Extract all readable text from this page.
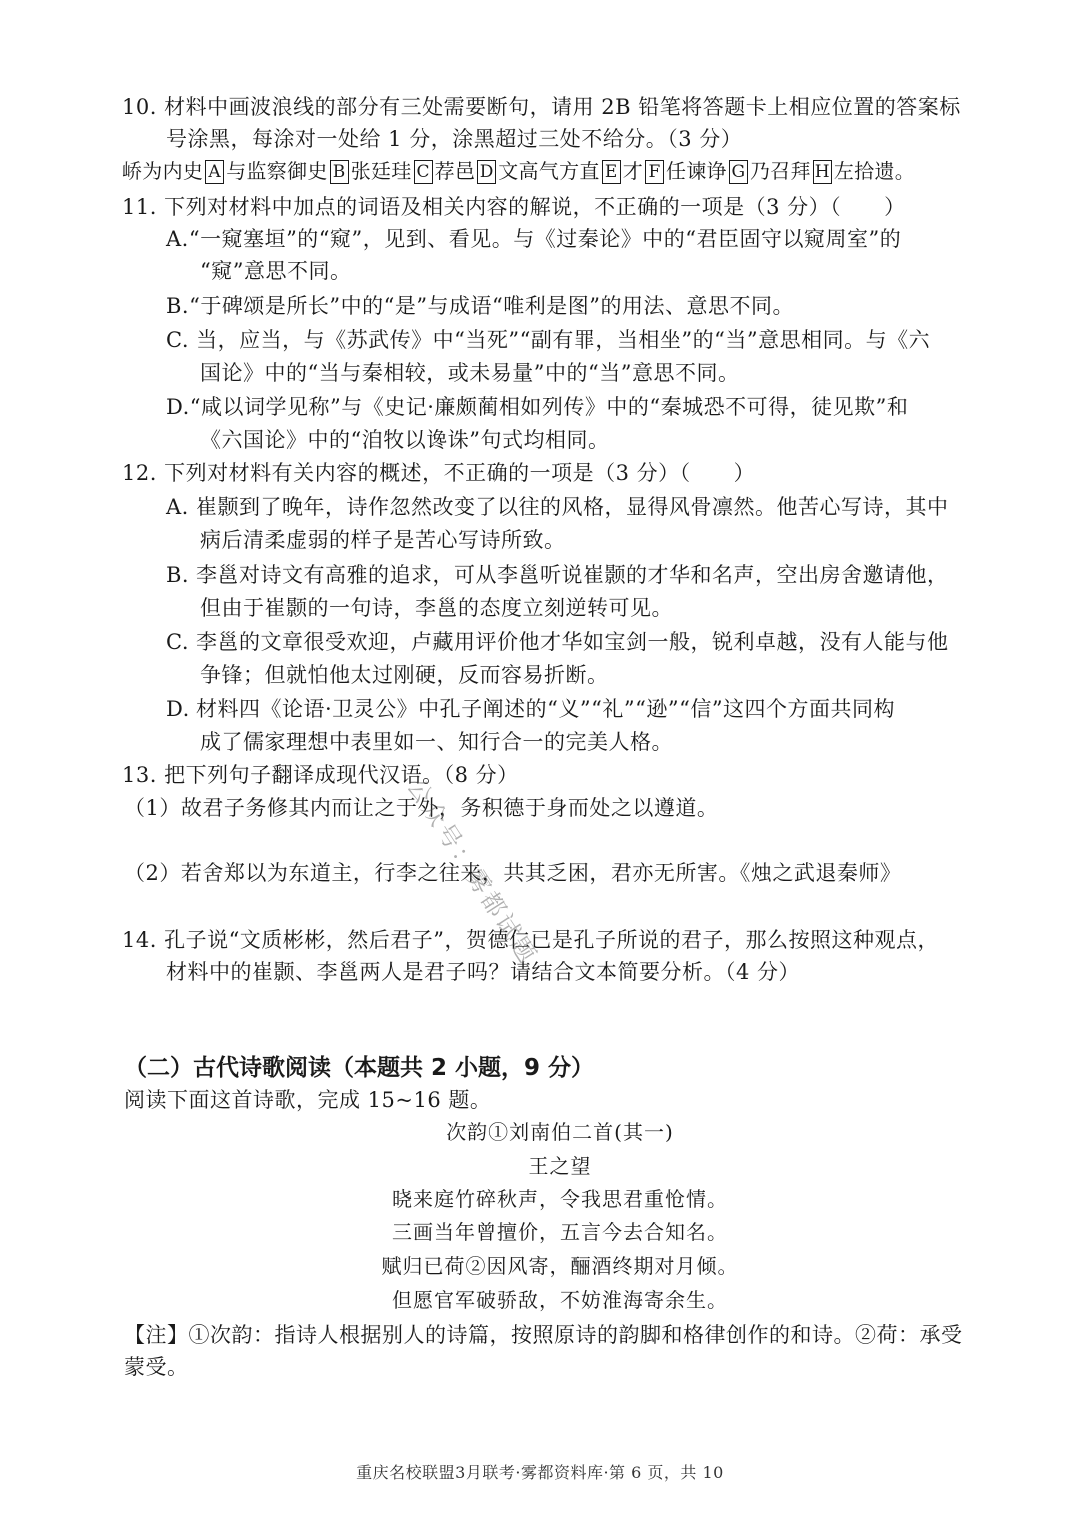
10. 材料中画波浪线的部分有三处需要断句，请用 2B 铅笔将答题卡上相应位置的答案标
号涂黑，每涂对一处给 1 分，涂黑超过三处不给分。（3 分）
峤为内史 A 与监察御史 B 张廷珪 C 荐邑 D 文高气方直 E 才 F 任谏诤 G 乃召拜 H 左拾遗。
11. 下列对材料中加点的词语及相关内容的解说，不正确的一项是（3 分）（　　）
A.“一窥塞垣”的“窥”，见到、看见。与《过秦论》中的“君臣固守以窥周室”的
“窥”意思不同。
B.“于碑颂是所长”中的“是”与成语“唯利是图”的用法、意思不同。
C. 当，应当，与《苏武传》中“当死”“副有罪，当相坐”的“当”意思相同。与《六
国论》中的“当与秦相较，或未易量”中的“当”意思不同。
D.“咸以词学见称”与《史记·廉颇蔺相如列传》中的“秦城恐不可得，徒见欺”和
《六国论》中的“洎牧以谗诛”句式均相同。
12. 下列对材料有关内容的概述，不正确的一项是（3 分）（　　）
A. 崔颢到了晚年，诗作忽然改变了以往的风格，显得风骨凛然。他苦心写诗，其中
病后清柔虚弱的样子是苦心写诗所致。
B. 李邕对诗文有高雅的追求，可从李邕听说崔颢的才华和名声，空出房舍邀请他，
但由于崔颢的一句诗，李邕的态度立刻逆转可见。
C. 李邕的文章很受欢迎，卢藏用评价他才华如宝剑一般，锐利卓越，没有人能与他
争锋；但就怕他太过刚硬，反而容易折断。
D. 材料四《论语·卫灵公》中孔子阐述的“义”“礼”“逊”“信”这四个方面共同构
成了儒家理想中表里如一、知行合一的完美人格。
13. 把下列句子翻译成现代汉语。（8 分）
（1）故君子务修其内而让之于外，务积德于身而处之以遵道。
（2）若舍郑以为东道主，行李之往来，共其乏困，君亦无所害。《烛之武退秦师》
14. 孔子说“文质彬彬，然后君子”，贺德仁已是孔子所说的君子，那么按照这种观点，
材料中的崔颢、李邕两人是君子吗？请结合文本简要分析。（4 分）
（二）古代诗歌阅读（本题共 2 小题，9 分）
阅读下面这首诗歌，完成 15~16 题。
次韵①刘南伯二首(其一)
王之望
晓来庭竹碎秋声，令我思君重怆情。
三画当年曾擅价，五言今去合知名。
赋归已荷②因风寄，酾酒终期对月倾。
但愿官军破骄敌，不妨淮海寄余生。
【注】①次韵：指诗人根据别人的诗篇，按照原诗的韵脚和格律创作的和诗。②荷：承受
蒙受。
公众号：雾都试题
重庆名校联盟3月联考·雾都资料库·第 6 页，共 10
